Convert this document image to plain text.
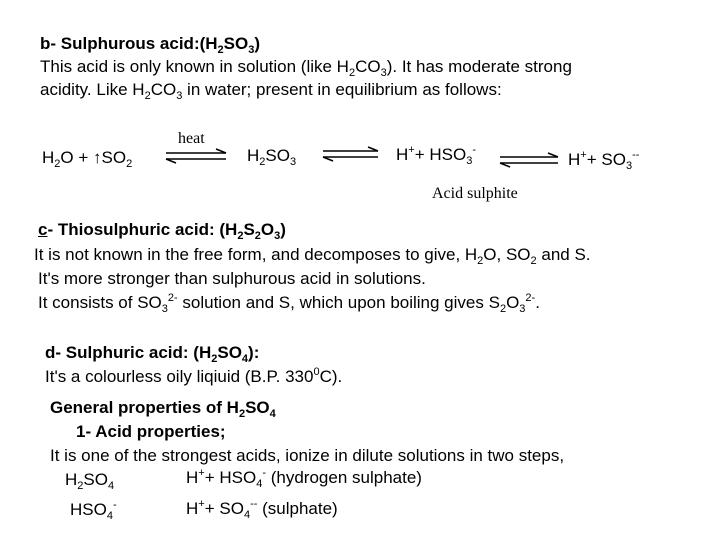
b- Sulphurous $acid:(H_2SO_3)$
This acid is only known in solution (like $H_2CO_3$). It has moderate strong
acidity. Like $H_2CO_3$ in water; present in equilibrium as follows:
heat
$H_2O$ + $↑SO_2$ ⇌ $H_2SO_3$ ⇌ $H^++ HSO_3^-$ ⇌ $H^++ SO_3^{--}$
Acid sulphite
c- Thiosulphuric acid: $(H_2S_2O_3)$
It is not known in the free form, and decomposes to give, $H_2O$, $SO_2$ and S.
It's more stronger than sulphurous acid in solutions.
It consists of $SO_3^{2-}$ solution and S, which upon boiling gives $S_2O_3^{2-}$.
d- Sulphuric acid: $(H_2SO_4)$:
It's a colourless oily liqiuid (B.P. $330^0C$).
General properties of $H_2SO_4$
1- Acid properties;
It is one of the strongest acids, ionize in dilute solutions in two steps,
$H_2SO_4$	$H^++ HSO_4^-$ (hydrogen sulphate)
$HSO_4^-$	$H^++ SO_4^{--}$ (sulphate)
